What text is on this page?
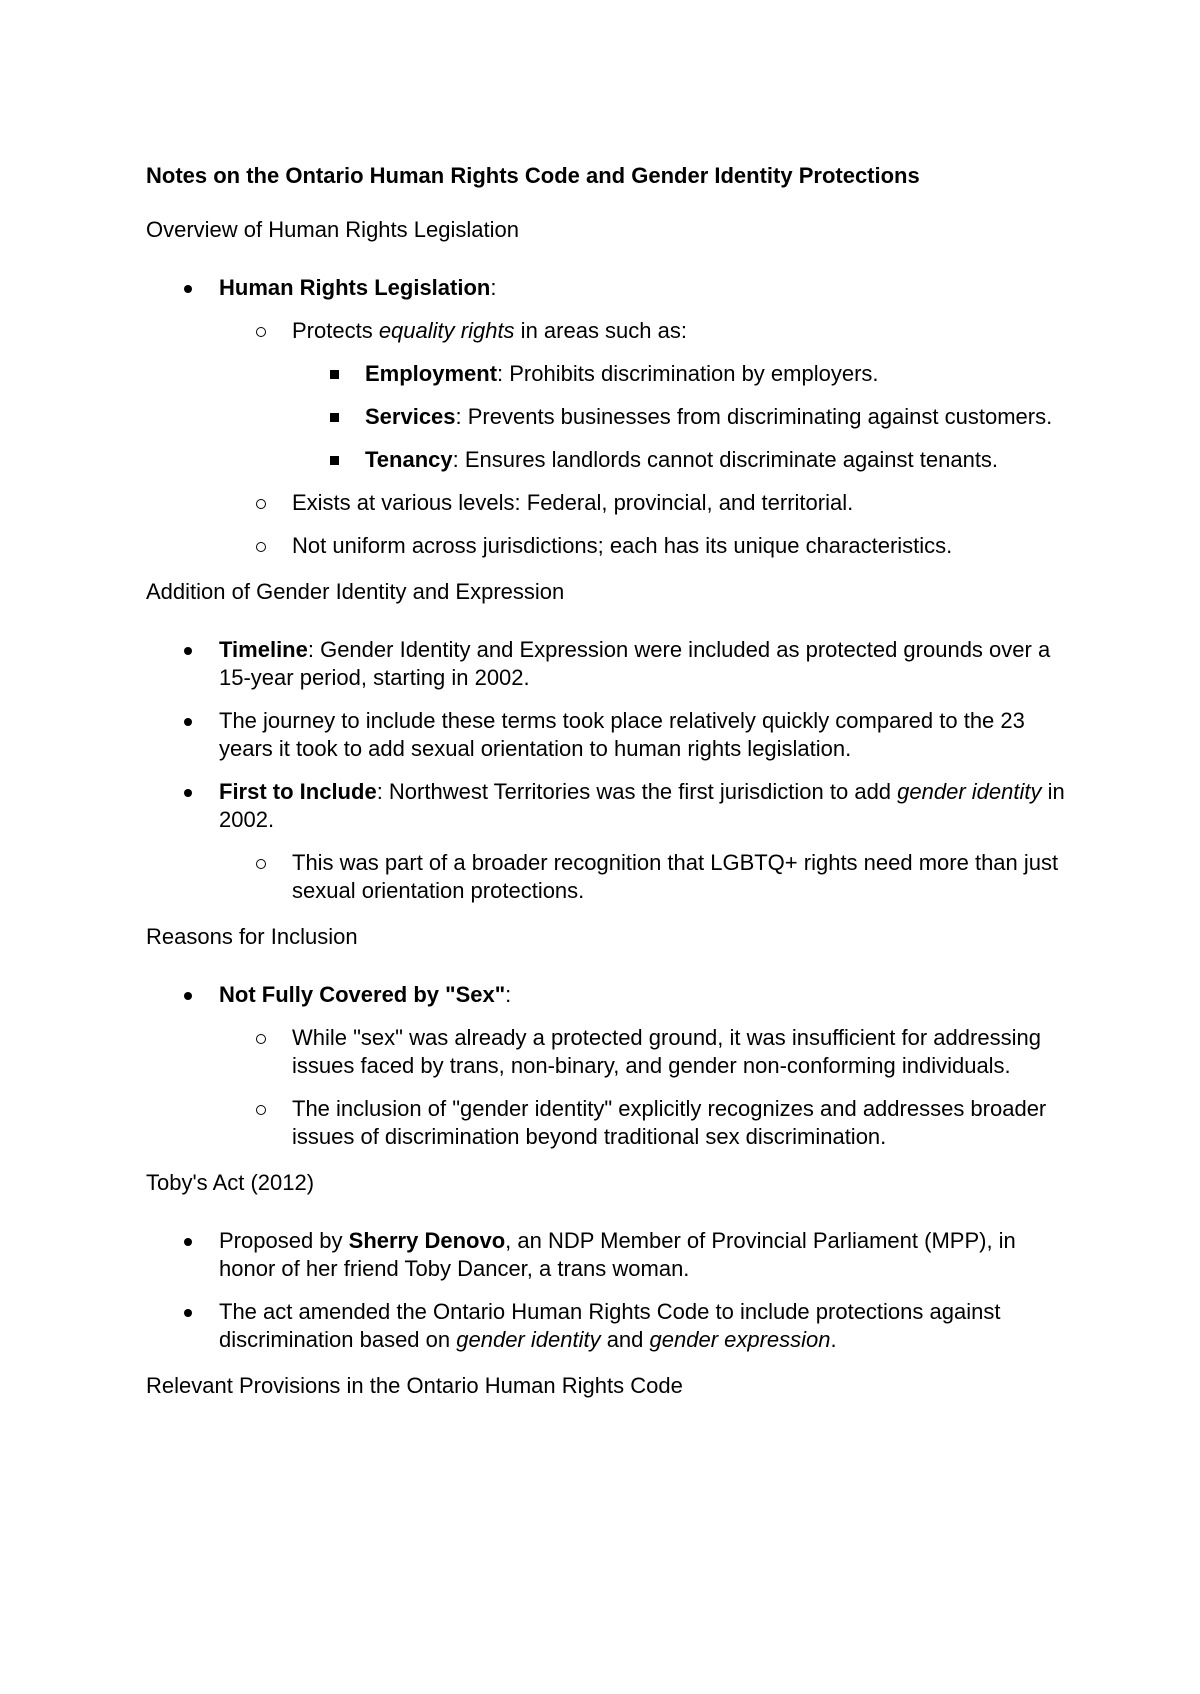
Notes on the Ontario Human Rights Code and Gender Identity Protections
Overview of Human Rights Legislation
Human Rights Legislation:
Protects equality rights in areas such as:
Employment: Prohibits discrimination by employers.
Services: Prevents businesses from discriminating against customers.
Tenancy: Ensures landlords cannot discriminate against tenants.
Exists at various levels: Federal, provincial, and territorial.
Not uniform across jurisdictions; each has its unique characteristics.
Addition of Gender Identity and Expression
Timeline: Gender Identity and Expression were included as protected grounds over a 15-year period, starting in 2002.
The journey to include these terms took place relatively quickly compared to the 23 years it took to add sexual orientation to human rights legislation.
First to Include: Northwest Territories was the first jurisdiction to add gender identity in 2002.
This was part of a broader recognition that LGBTQ+ rights need more than just sexual orientation protections.
Reasons for Inclusion
Not Fully Covered by "Sex":
While "sex" was already a protected ground, it was insufficient for addressing issues faced by trans, non-binary, and gender non-conforming individuals.
The inclusion of "gender identity" explicitly recognizes and addresses broader issues of discrimination beyond traditional sex discrimination.
Toby's Act (2012)
Proposed by Sherry Denovo, an NDP Member of Provincial Parliament (MPP), in honor of her friend Toby Dancer, a trans woman.
The act amended the Ontario Human Rights Code to include protections against discrimination based on gender identity and gender expression.
Relevant Provisions in the Ontario Human Rights Code
